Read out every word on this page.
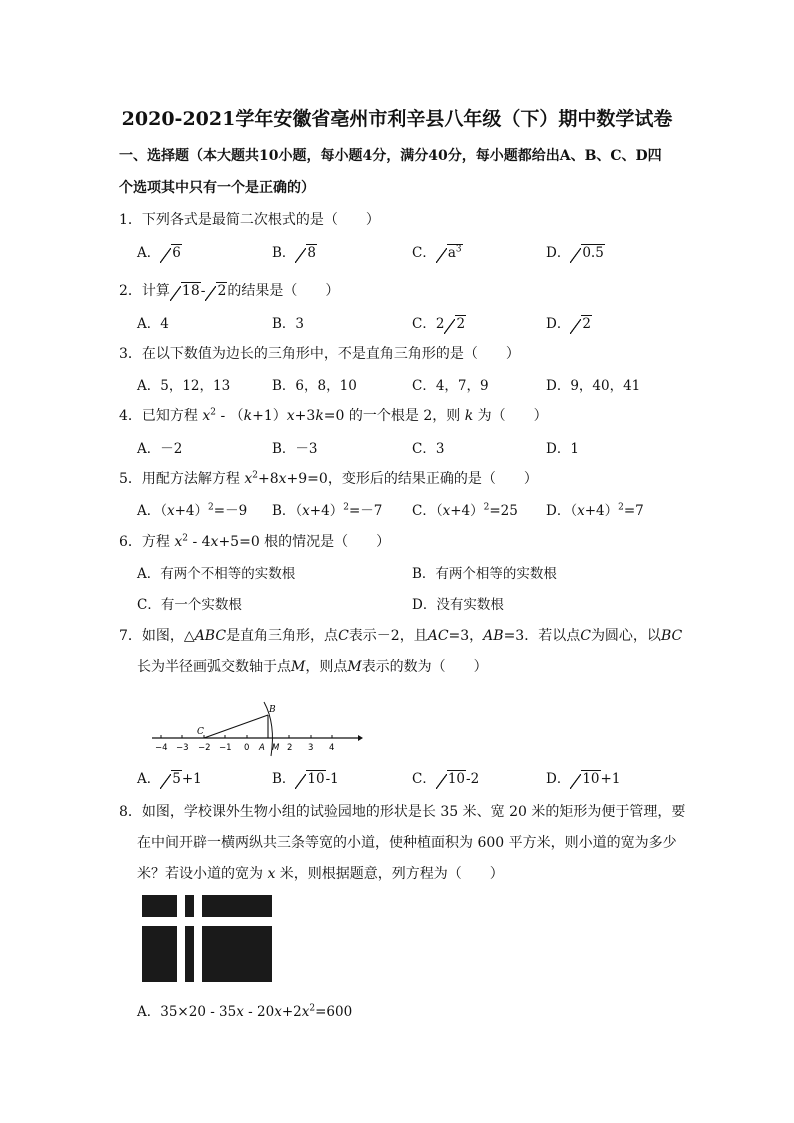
2020-2021学年安徽省亳州市利辛县八年级（下）期中数学试卷
一、选择题（本大题共10小题，每小题4分，满分40分，每小题都给出A、B、C、D四
个选项其中只有一个是正确的）
1．下列各式是最简二次根式的是（　　）
A． 6	B． 8	C． $a^3$	D． 0.5
2．计算 18- 2的结果是（　　）
A．4	B．3	C．2 2	D． 2
3．在以下数值为边长的三角形中，不是直角三角形的是（　　）
A．5，12，13	B．6，8，10	C．4，7，9	D．9，40，41
4．已知方程 $x^2 - (k+1)x+3k=0$ 的一个根是 2，则 k 为（　　）
A．－2	B．－3	C．3	D．1
5．用配方法解方程 $x^2+8x+9=0$，变形后的结果正确的是（　　）
A．$(x+4)^2=-9$ B．$(x+4)^2=-7$ C．$(x+4)^2=25$ D．$(x+4)^2=7$
6．方程 $x^2 - 4x+5=0$ 根的情况是（　　）
A．有两个不相等的实数根	B．有两个相等的实数根
C．有一个实数根	D．没有实数根
7．如图，△ABC是直角三角形，点C表示－2，且AC=3，AB=3．若以点C为圆心，以BC
长为半径画弧交数轴于点M，则点M表示的数为（　　）
B
C
−4 −3 −2 −1 0 A M 2 3 4
A． 5+1	B． 10-1	C． 10-2	D． 10+1
8．如图，学校课外生物小组的试验园地的形状是长 35 米、宽 20 米的矩形为便于管理，要
在中间开辟一横两纵共三条等宽的小道，使种植面积为 600 平方米，则小道的宽为多少
米？若设小道的宽为 x 米，则根据题意，列方程为（　　）
A．$35\times 20 - 35x - 20x+2x^2=600$
